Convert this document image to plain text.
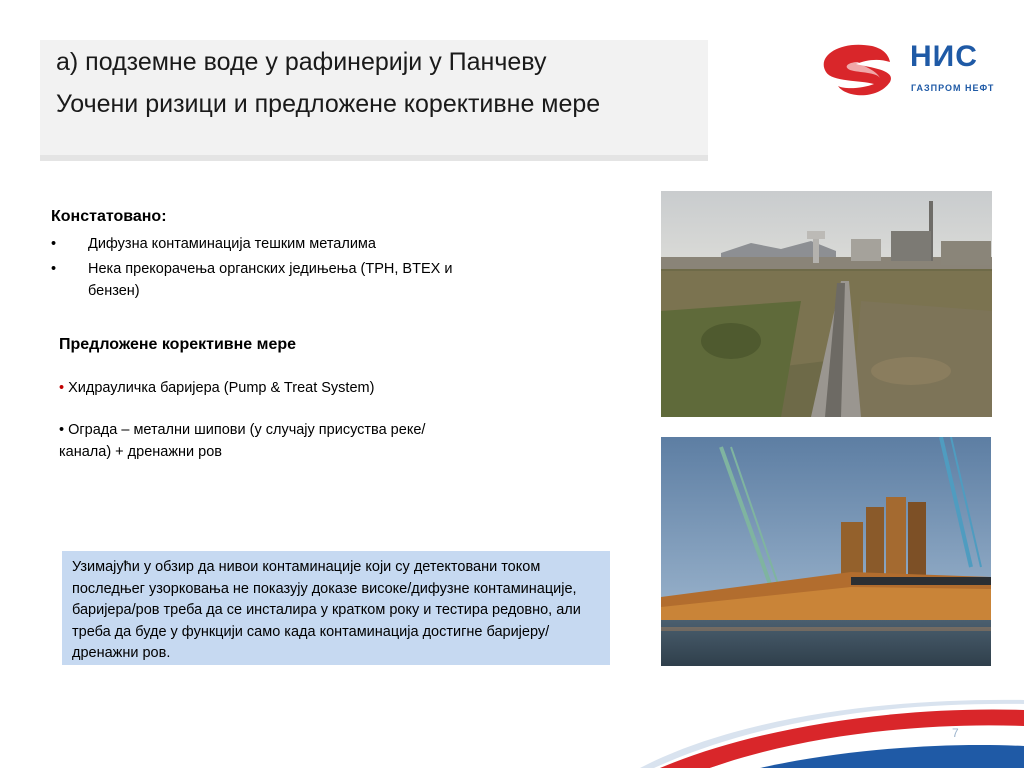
а) подземне воде у рафинерији у Панчеву
Уочени ризици и предложене корективне мере
НИС
ГАЗПРОМ НЕФТ
Констатовано:
• Дифузна контаминација тешким металима
• Нека прекорачења органских једињења (TPH, BTEX и бензен)
Предложене корективне мере
• Хидрауличка баријера (Pump & Treat System)
• Ограда – метални шипови (у случају присуства реке/канала) + дренажни ров
Узимајући у обзир да нивои контаминације који су детектовани током последњег узорковања не показују доказе високе/дифузне контаминације, баријера/ров треба да се инсталира у кратком року и тестира редовно, али треба да буде у функцији само када контаминација достигне баријеру/дренажни ров.
7
